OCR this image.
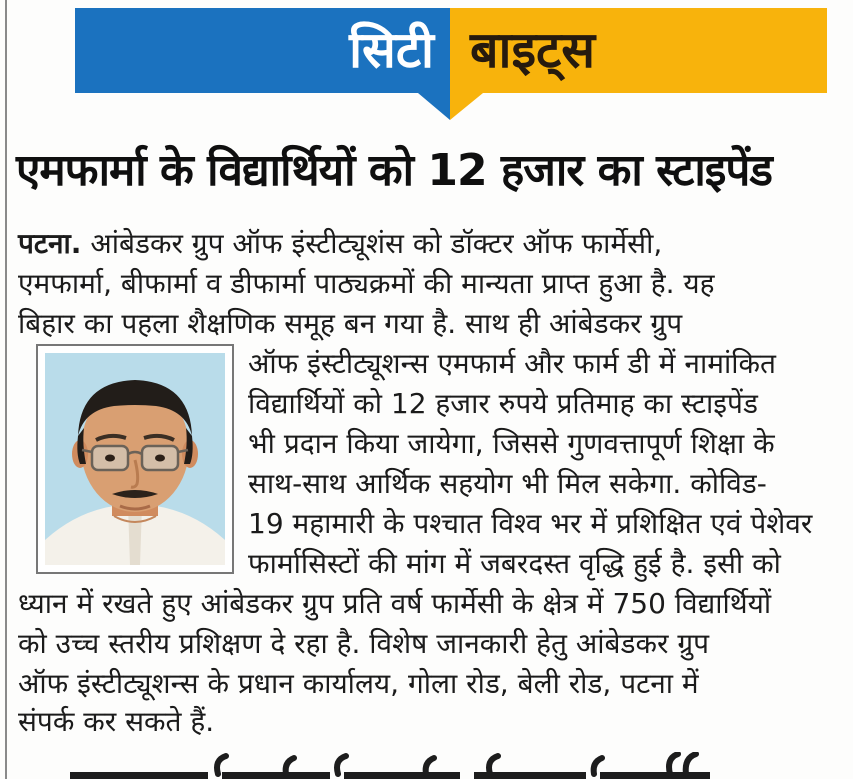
सिटी बाइट्स
एमफार्मा के विद्यार्थियों को 12 हजार का स्टाइपेंड
पटना. आंबेडकर ग्रुप ऑफ इंस्टीट्यूशंस को डॉक्टर ऑफ फार्मेसी,
एमफार्मा, बीफार्मा व डीफार्मा पाठ्यक्रमों की मान्यता प्राप्त हुआ है. यह
बिहार का पहला शैक्षणिक समूह बन गया है. साथ ही आंबेडकर ग्रुप
ऑफ इंस्टीट्यूशन्स एमफार्म और फार्म डी में नामांकित
विद्यार्थियों को 12 हजार रुपये प्रतिमाह का स्टाइपेंड
भी प्रदान किया जायेगा, जिससे गुणवत्तापूर्ण शिक्षा के
साथ-साथ आर्थिक सहयोग भी मिल सकेगा. कोविड-
19 महामारी के पश्चात विश्व भर में प्रशिक्षित एवं पेशेवर
फार्मासिस्टों की मांग में जबरदस्त वृद्धि हुई है. इसी को
ध्यान में रखते हुए आंबेडकर ग्रुप प्रति वर्ष फार्मेसी के क्षेत्र में 750 विद्यार्थियों
को उच्च स्तरीय प्रशिक्षण दे रहा है. विशेष जानकारी हेतु आंबेडकर ग्रुप
ऑफ इंस्टीट्यूशन्स के प्रधान कार्यालय, गोला रोड, बेली रोड, पटना में
संपर्क कर सकते हैं.
